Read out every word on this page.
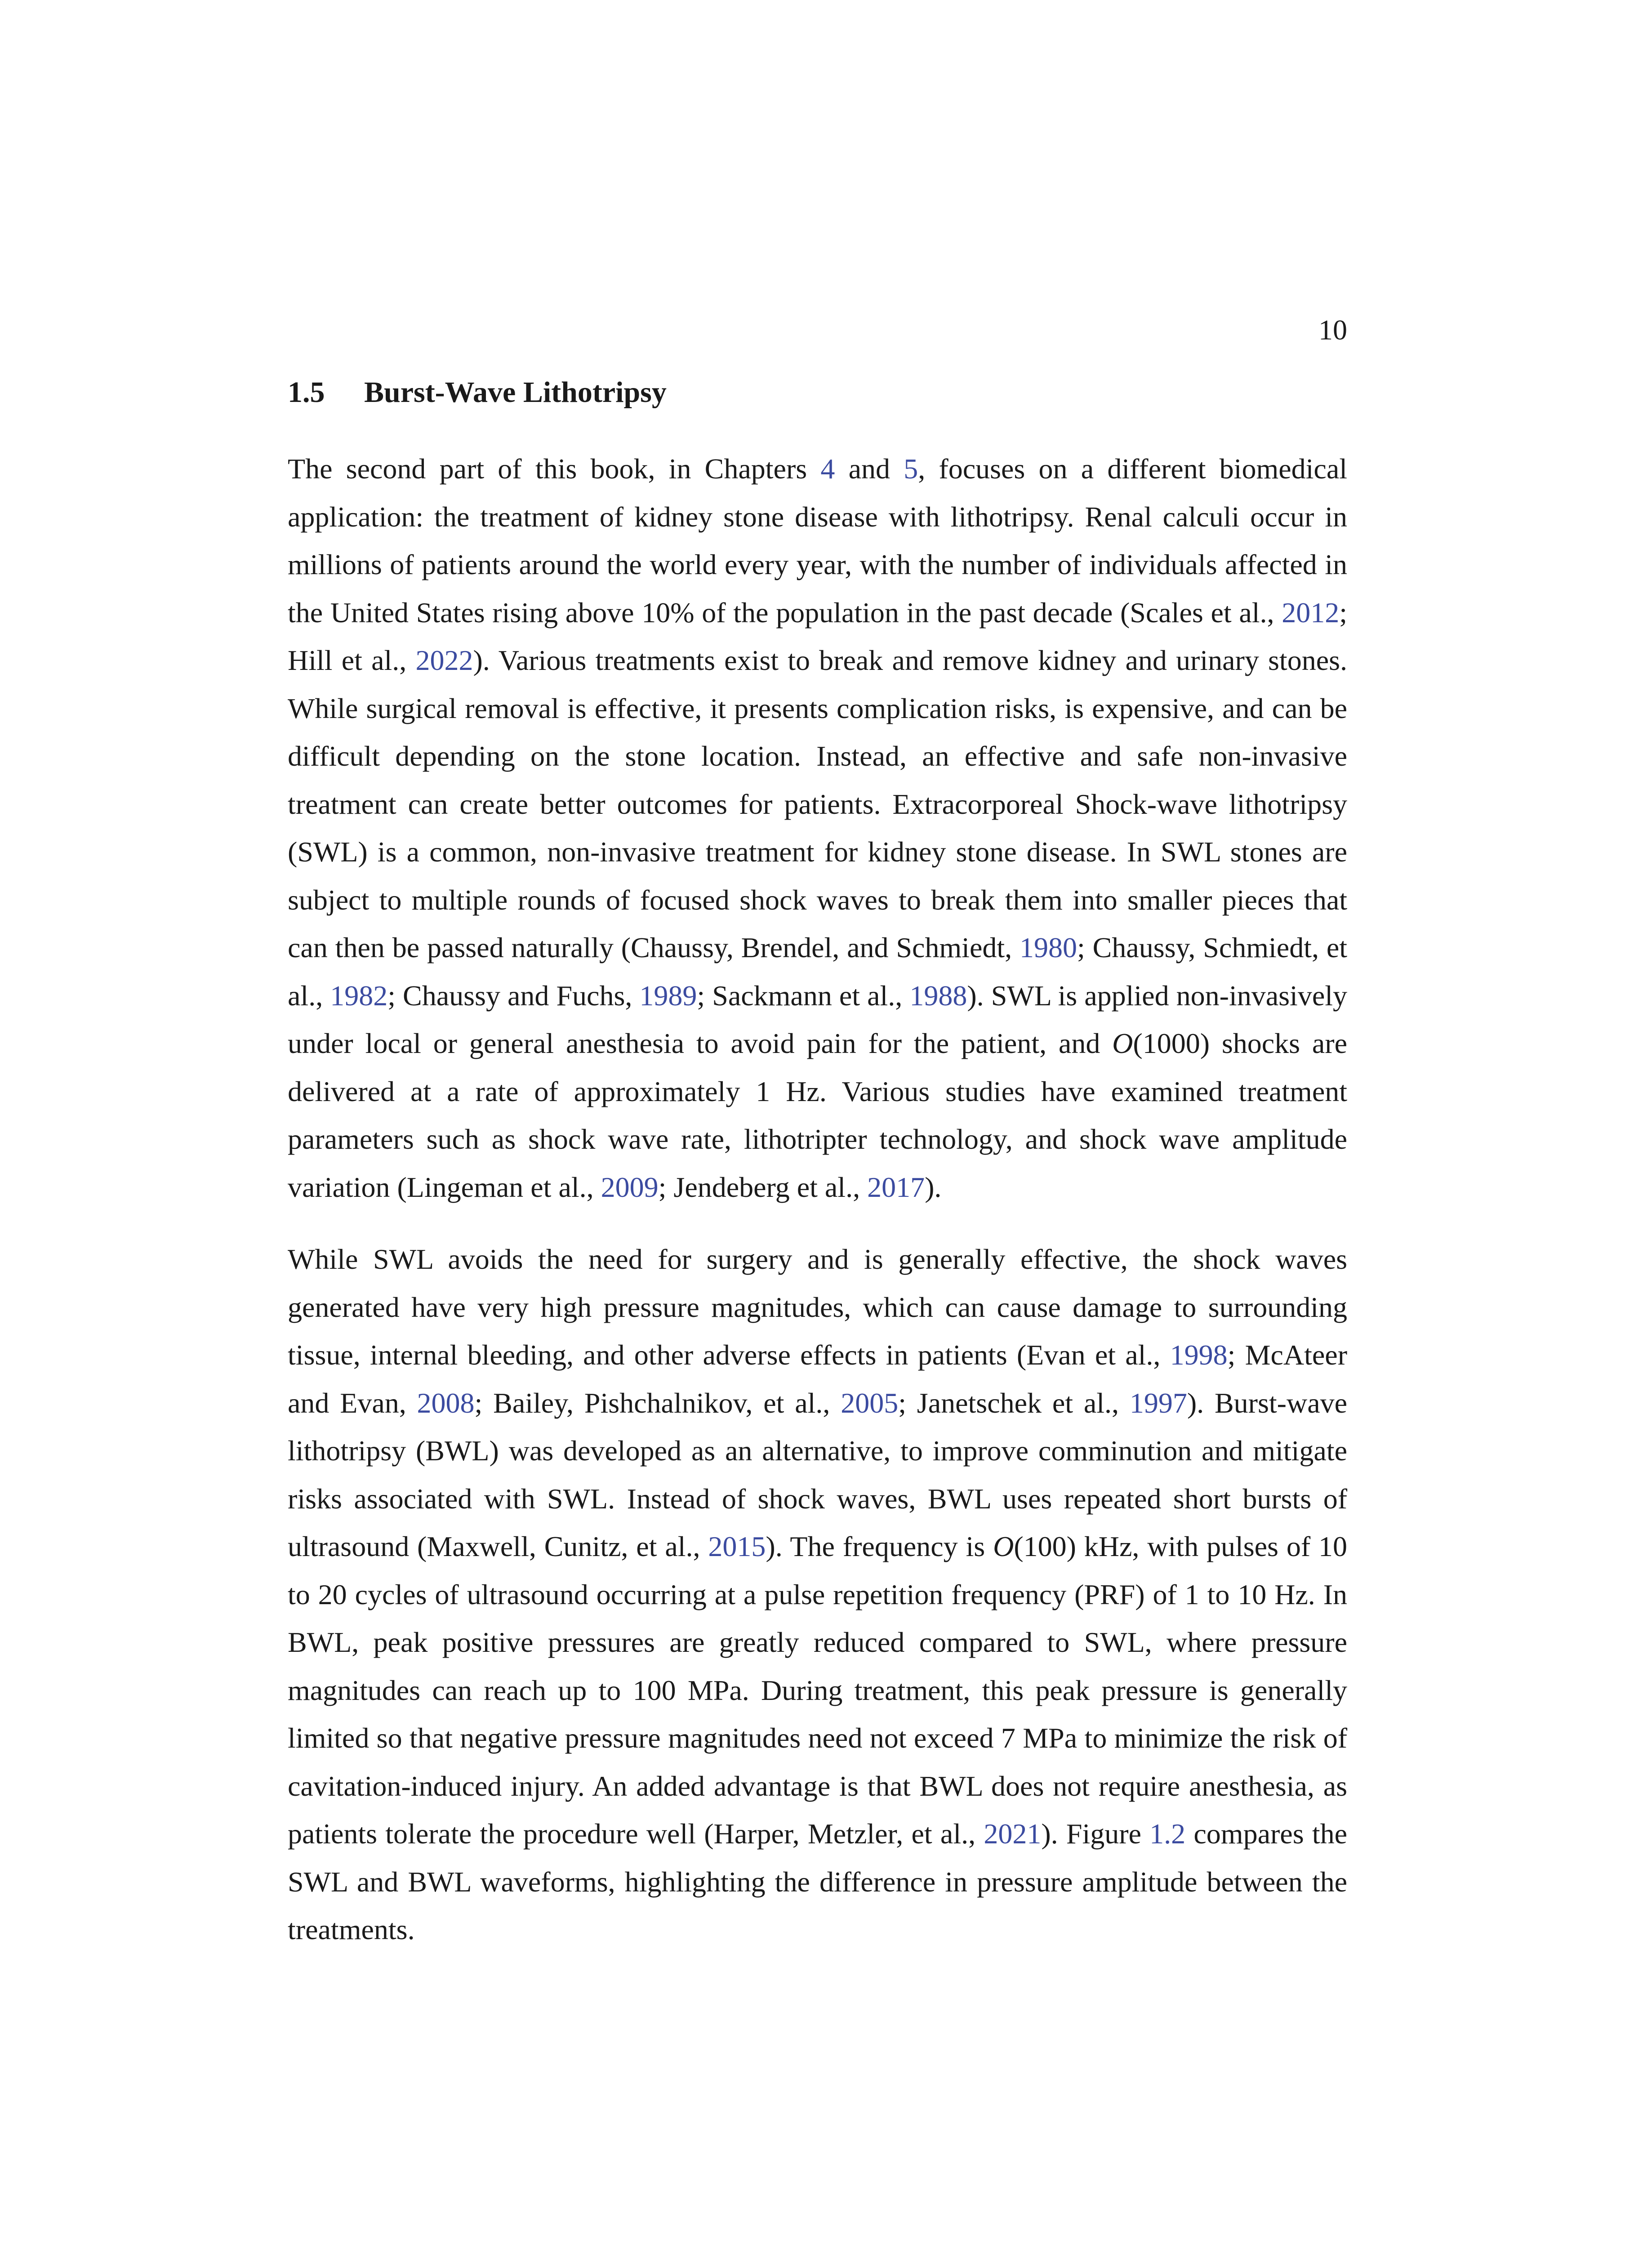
10
1.5 Burst-Wave Lithotripsy

The second part of this book, in Chapters 4 and 5, focuses on a different biomedical application: the treatment of kidney stone disease with lithotripsy. Renal calculi occur in millions of patients around the world every year, with the number of individuals affected in the United States rising above 10% of the population in the past decade (Scales et al., 2012; Hill et al., 2022). Various treatments exist to break and remove kidney and urinary stones. While surgical removal is effective, it presents complication risks, is expensive, and can be difficult depending on the stone location. Instead, an effective and safe non-invasive treatment can create better outcomes for patients. Extracorporeal Shock-wave lithotripsy (SWL) is a common, non-invasive treatment for kidney stone disease. In SWL stones are subject to multiple rounds of focused shock waves to break them into smaller pieces that can then be passed naturally (Chaussy, Brendel, and Schmiedt, 1980; Chaussy, Schmiedt, et al., 1982; Chaussy and Fuchs, 1989; Sackmann et al., 1988). SWL is applied non-invasively under local or general anesthesia to avoid pain for the patient, and O(1000) shocks are delivered at a rate of approximately 1 Hz. Various studies have examined treatment parameters such as shock wave rate, lithotripter technology, and shock wave amplitude variation (Lingeman et al., 2009; Jendeberg et al., 2017).

While SWL avoids the need for surgery and is generally effective, the shock waves generated have very high pressure magnitudes, which can cause damage to surrounding tissue, internal bleeding, and other adverse effects in patients (Evan et al., 1998; McAteer and Evan, 2008; Bailey, Pishchalnikov, et al., 2005; Janetschek et al., 1997). Burst-wave lithotripsy (BWL) was developed as an alternative, to improve comminution and mitigate risks associated with SWL. Instead of shock waves, BWL uses repeated short bursts of ultrasound (Maxwell, Cunitz, et al., 2015). The frequency is O(100) kHz, with pulses of 10 to 20 cycles of ultrasound occurring at a pulse repetition frequency (PRF) of 1 to 10 Hz. In BWL, peak positive pressures are greatly reduced compared to SWL, where pressure magnitudes can reach up to 100 MPa. During treatment, this peak pressure is generally limited so that negative pressure magnitudes need not exceed 7 MPa to minimize the risk of cavitation-induced injury. An added advantage is that BWL does not require anesthesia, as patients tolerate the procedure well (Harper, Metzler, et al., 2021). Figure 1.2 compares the SWL and BWL waveforms, highlighting the difference in pressure amplitude between the treatments.
